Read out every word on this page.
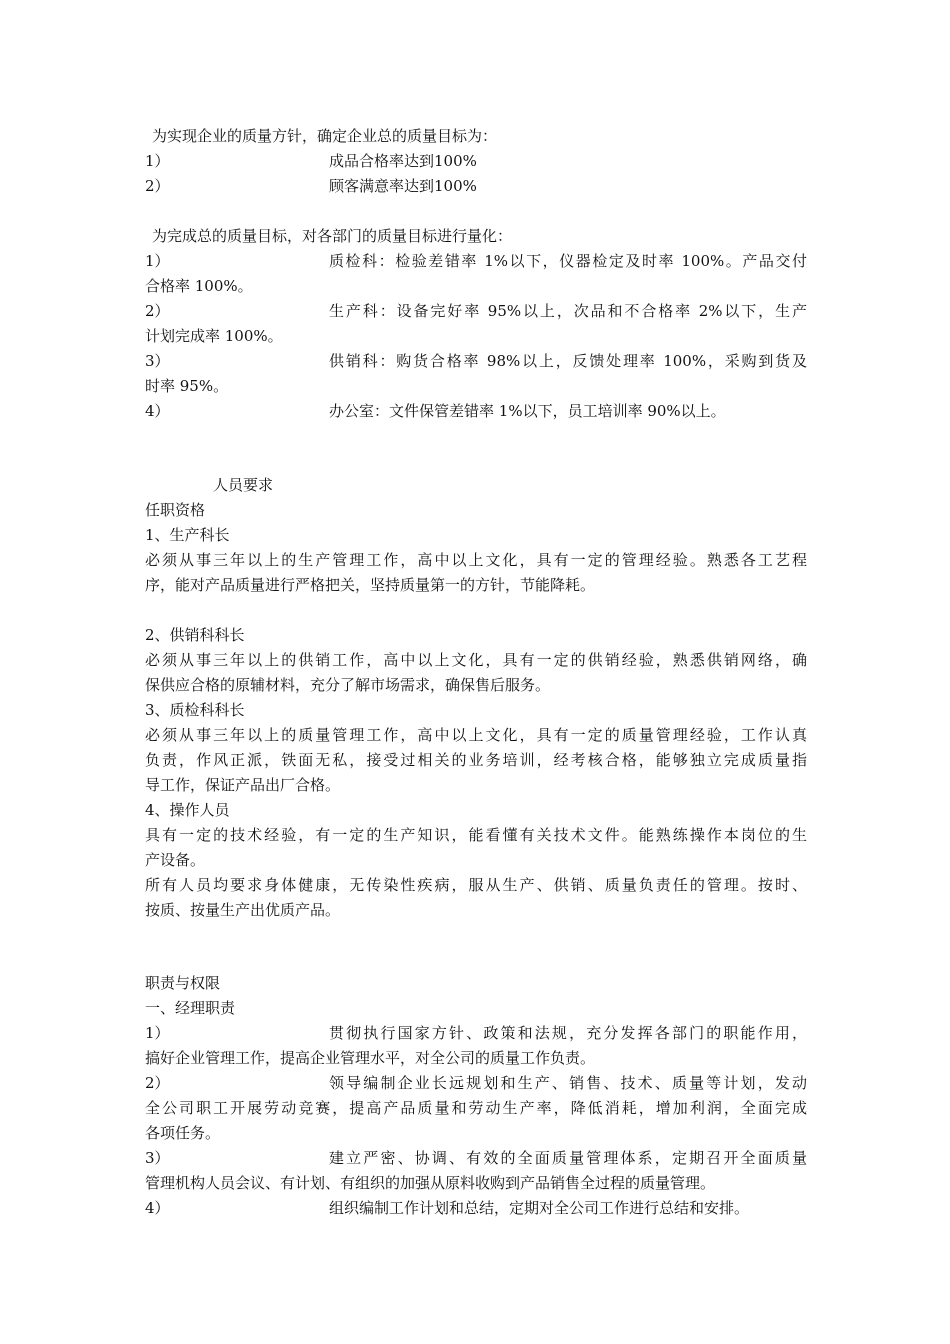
为实现企业的质量方针，确定企业总的质量目标为：
1）	成品合格率达到100%
2）	顾客满意率达到100%
为完成总的质量目标，对各部门的质量目标进行量化：
1）	质检科：检验差错率 1%以下，仪器检定及时率 100%。产品交付
合格率 100%。
2）	生产科：设备完好率 95%以上，次品和不合格率 2%以下，生产
计划完成率 100%。
3）	供销科：购货合格率 98%以上，反馈处理率 100%，采购到货及
时率 95%。
4）	办公室：文件保管差错率 1%以下，员工培训率 90%以上。
人员要求
任职资格
1、生产科长
必须从事三年以上的生产管理工作，高中以上文化，具有一定的管理经验。熟悉各工艺程
序，能对产品质量进行严格把关，坚持质量第一的方针，节能降耗。
2、供销科科长
必须从事三年以上的供销工作，高中以上文化，具有一定的供销经验，熟悉供销网络，确
保供应合格的原辅材料，充分了解市场需求，确保售后服务。
3、质检科科长
必须从事三年以上的质量管理工作，高中以上文化，具有一定的质量管理经验，工作认真
负责，作风正派，铁面无私，接受过相关的业务培训，经考核合格，能够独立完成质量指
导工作，保证产品出厂合格。
4、操作人员
具有一定的技术经验，有一定的生产知识，能看懂有关技术文件。能熟练操作本岗位的生
产设备。
所有人员均要求身体健康，无传染性疾病，服从生产、供销、质量负责任的管理。按时、
按质、按量生产出优质产品。
职责与权限
一、经理职责
1）	贯彻执行国家方针、政策和法规，充分发挥各部门的职能作用，
搞好企业管理工作，提高企业管理水平，对全公司的质量工作负责。
2）	领导编制企业长远规划和生产、销售、技术、质量等计划，发动
全公司职工开展劳动竞赛，提高产品质量和劳动生产率，降低消耗，增加利润，全面完成
各项任务。
3）	建立严密、协调、有效的全面质量管理体系，定期召开全面质量
管理机构人员会议、有计划、有组织的加强从原料收购到产品销售全过程的质量管理。
4）	组织编制工作计划和总结，定期对全公司工作进行总结和安排。
